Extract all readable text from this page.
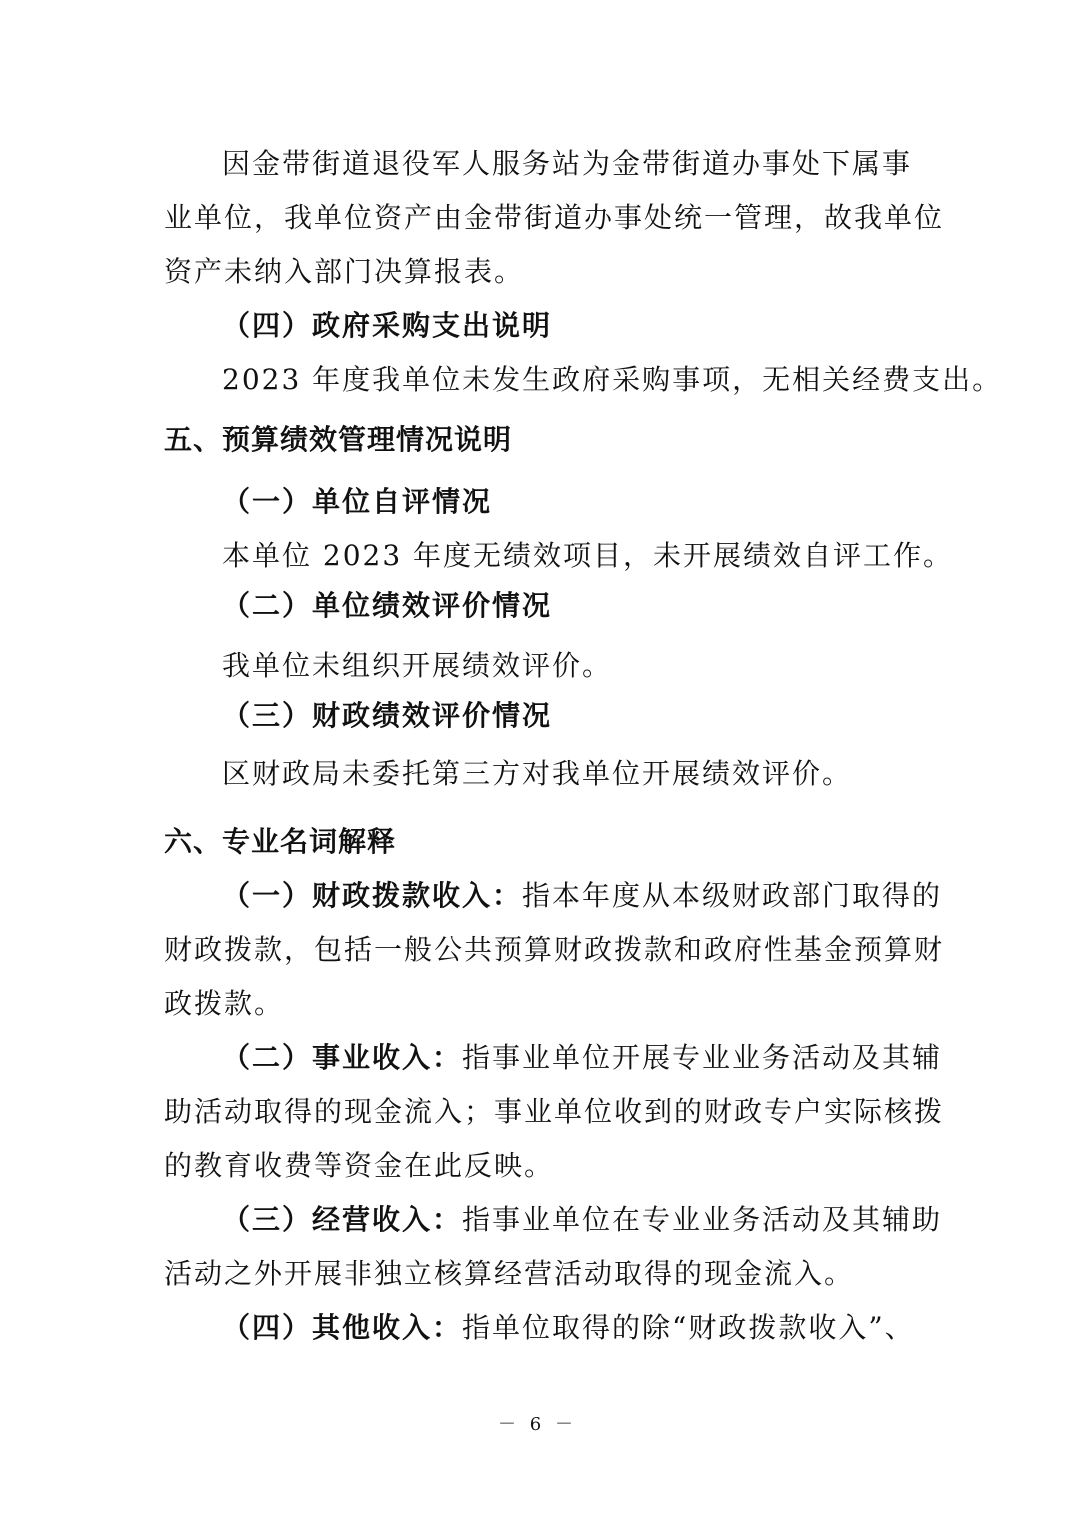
因金带街道退役军人服务站为金带街道办事处下属事
业单位，我单位资产由金带街道办事处统一管理，故我单位
资产未纳入部门决算报表。
（四）政府采购支出说明
2023 年度我单位未发生政府采购事项，无相关经费支出。
五、预算绩效管理情况说明
（一）单位自评情况
本单位 2023 年度无绩效项目，未开展绩效自评工作。
（二）单位绩效评价情况
我单位未组织开展绩效评价。
（三）财政绩效评价情况
区财政局未委托第三方对我单位开展绩效评价。
六、专业名词解释
（一）财政拨款收入：指本年度从本级财政部门取得的
财政拨款，包括一般公共预算财政拨款和政府性基金预算财
政拨款。
（二）事业收入：指事业单位开展专业业务活动及其辅
助活动取得的现金流入；事业单位收到的财政专户实际核拨
的教育收费等资金在此反映。
（三）经营收入：指事业单位在专业业务活动及其辅助
活动之外开展非独立核算经营活动取得的现金流入。
（四）其他收入：指单位取得的除“财政拨款收入”、
－ 6 －
